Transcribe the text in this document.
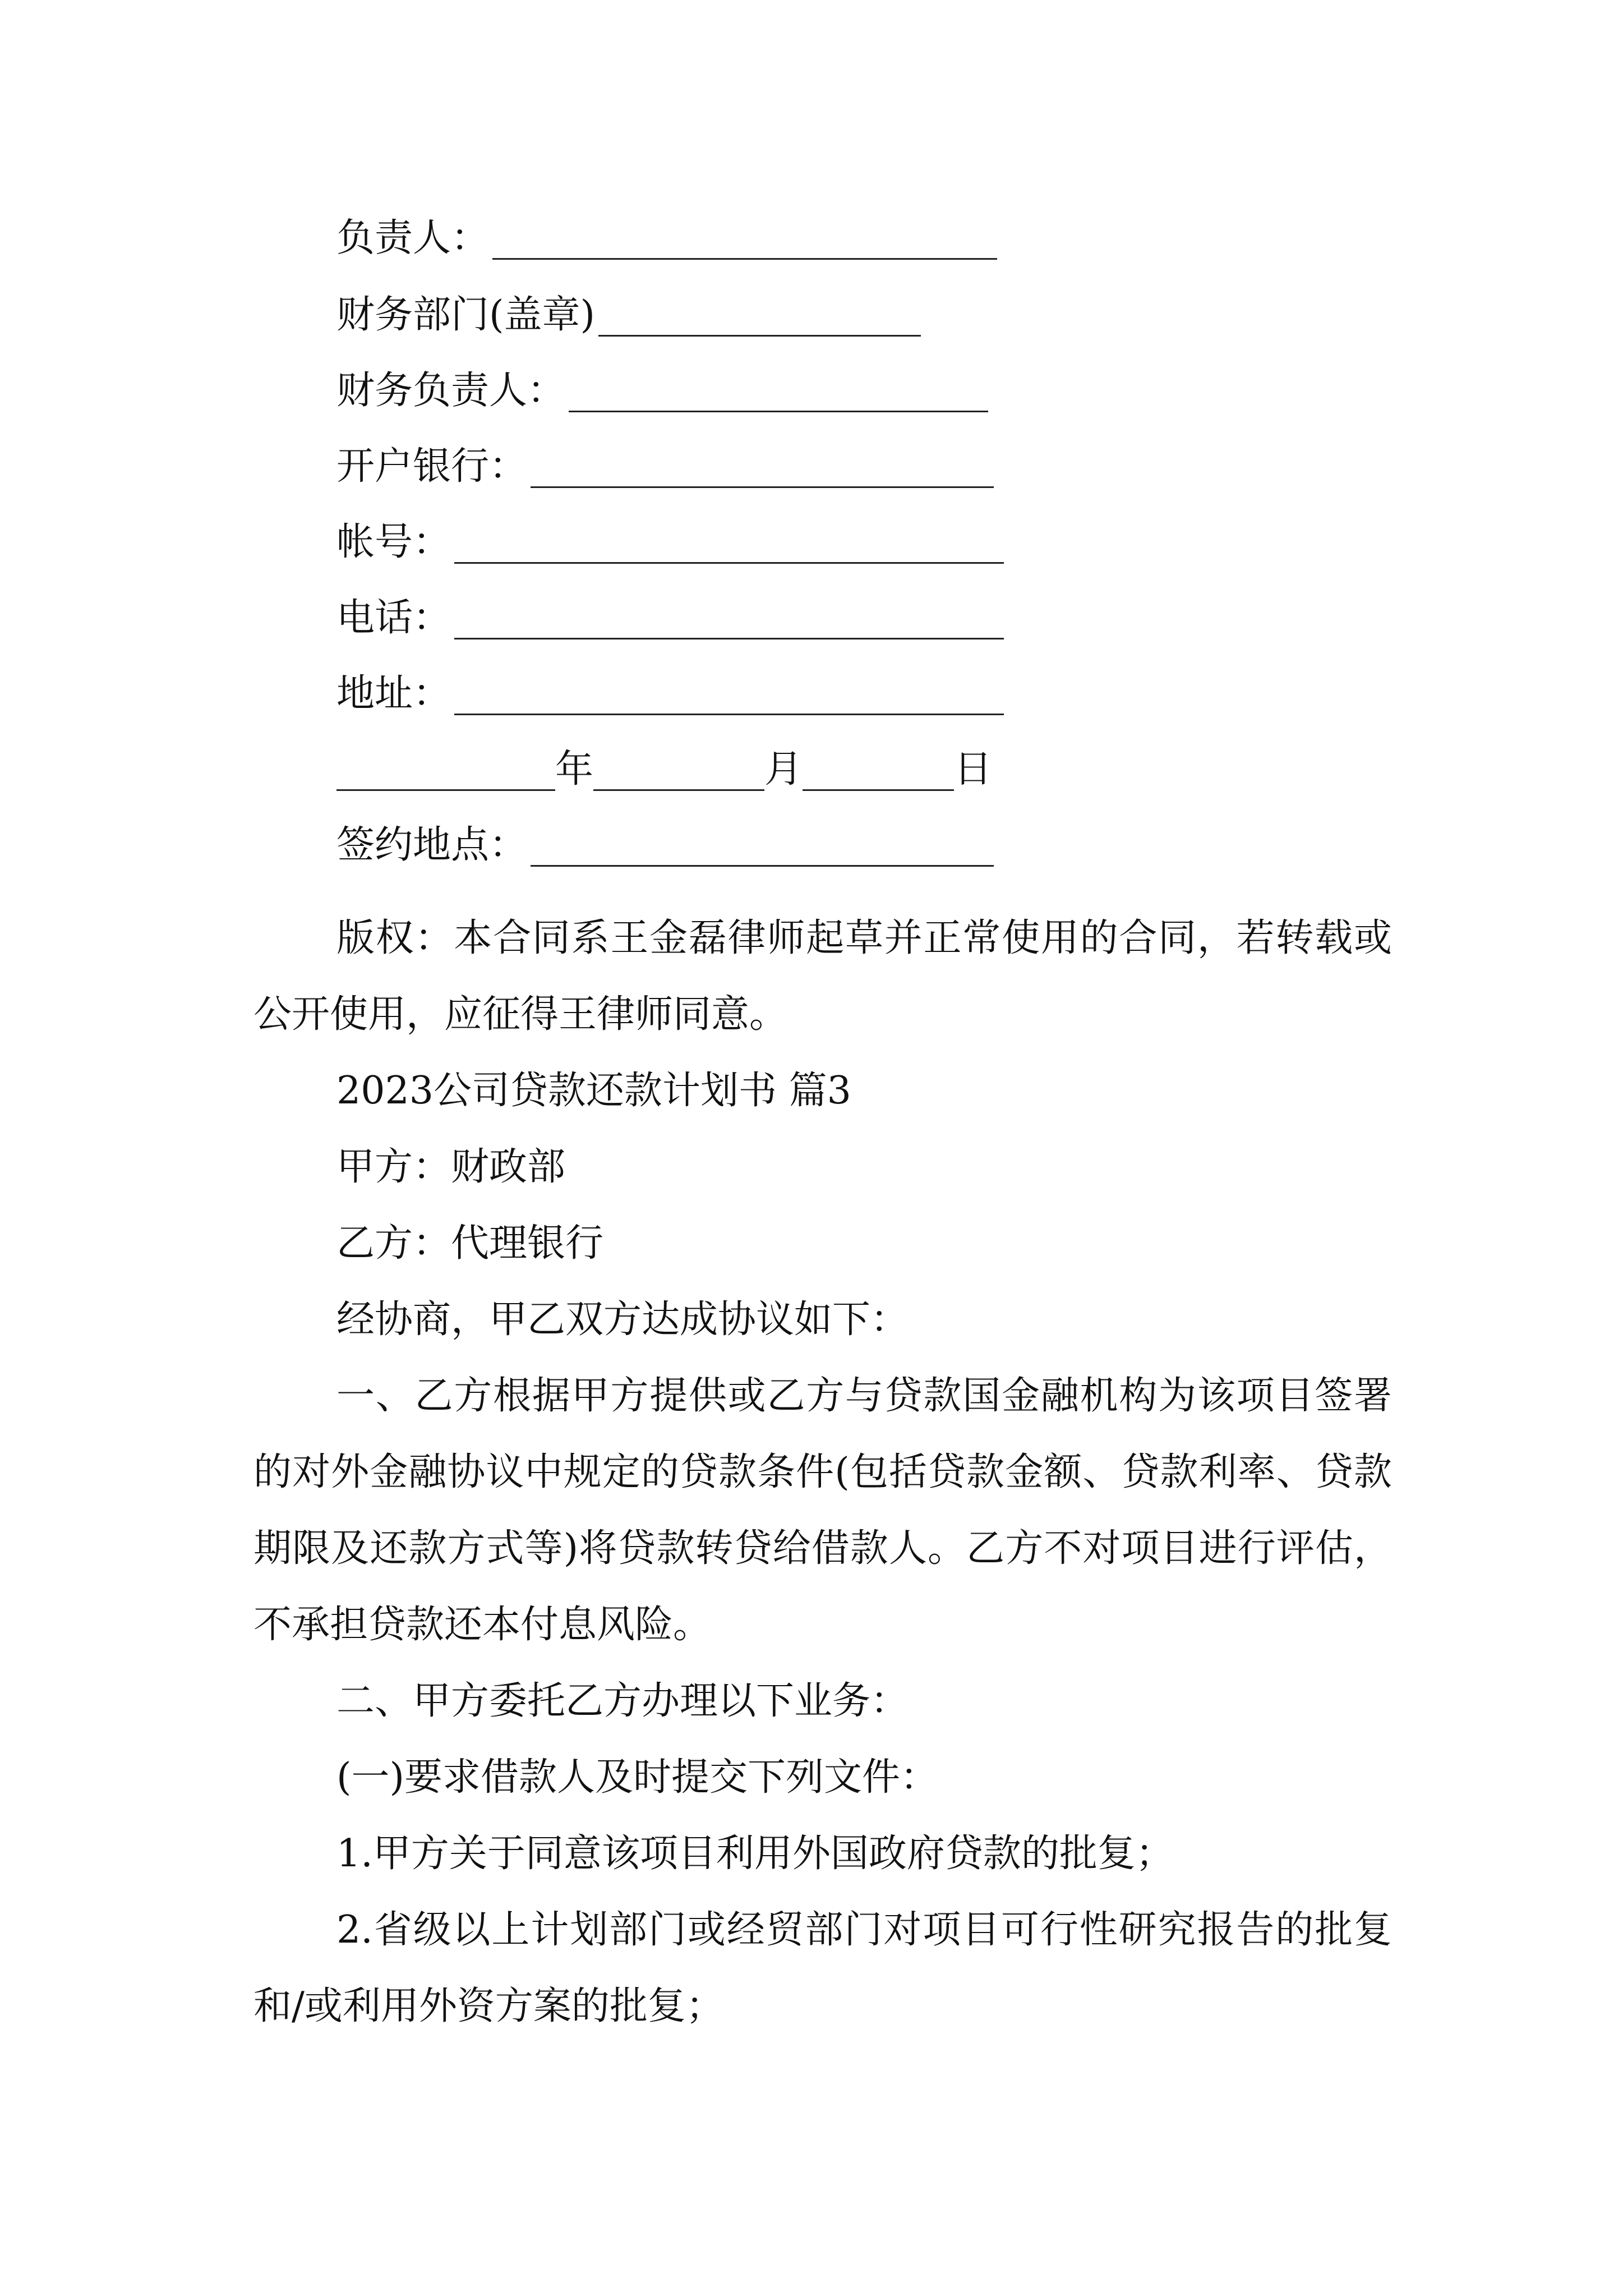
负责人：
财务部门(盖章)
财务负责人：
开户银行：
帐号：
电话：
地址：
年	月	日
签约地点：
版权：本合同系王金磊律师起草并正常使用的合同，若转载或公开使用，应征得王律师同意。
2023公司贷款还款计划书 篇3
甲方：财政部
乙方：代理银行
经协商，甲乙双方达成协议如下：
一、乙方根据甲方提供或乙方与贷款国金融机构为该项目签署的对外金融协议中规定的贷款条件(包括贷款金额、贷款利率、贷款期限及还款方式等)将贷款转贷给借款人。乙方不对项目进行评估，不承担贷款还本付息风险。
二、甲方委托乙方办理以下业务：
(一)要求借款人及时提交下列文件：
1.甲方关于同意该项目利用外国政府贷款的批复；
2.省级以上计划部门或经贸部门对项目可行性研究报告的批复和/或利用外资方案的批复；
